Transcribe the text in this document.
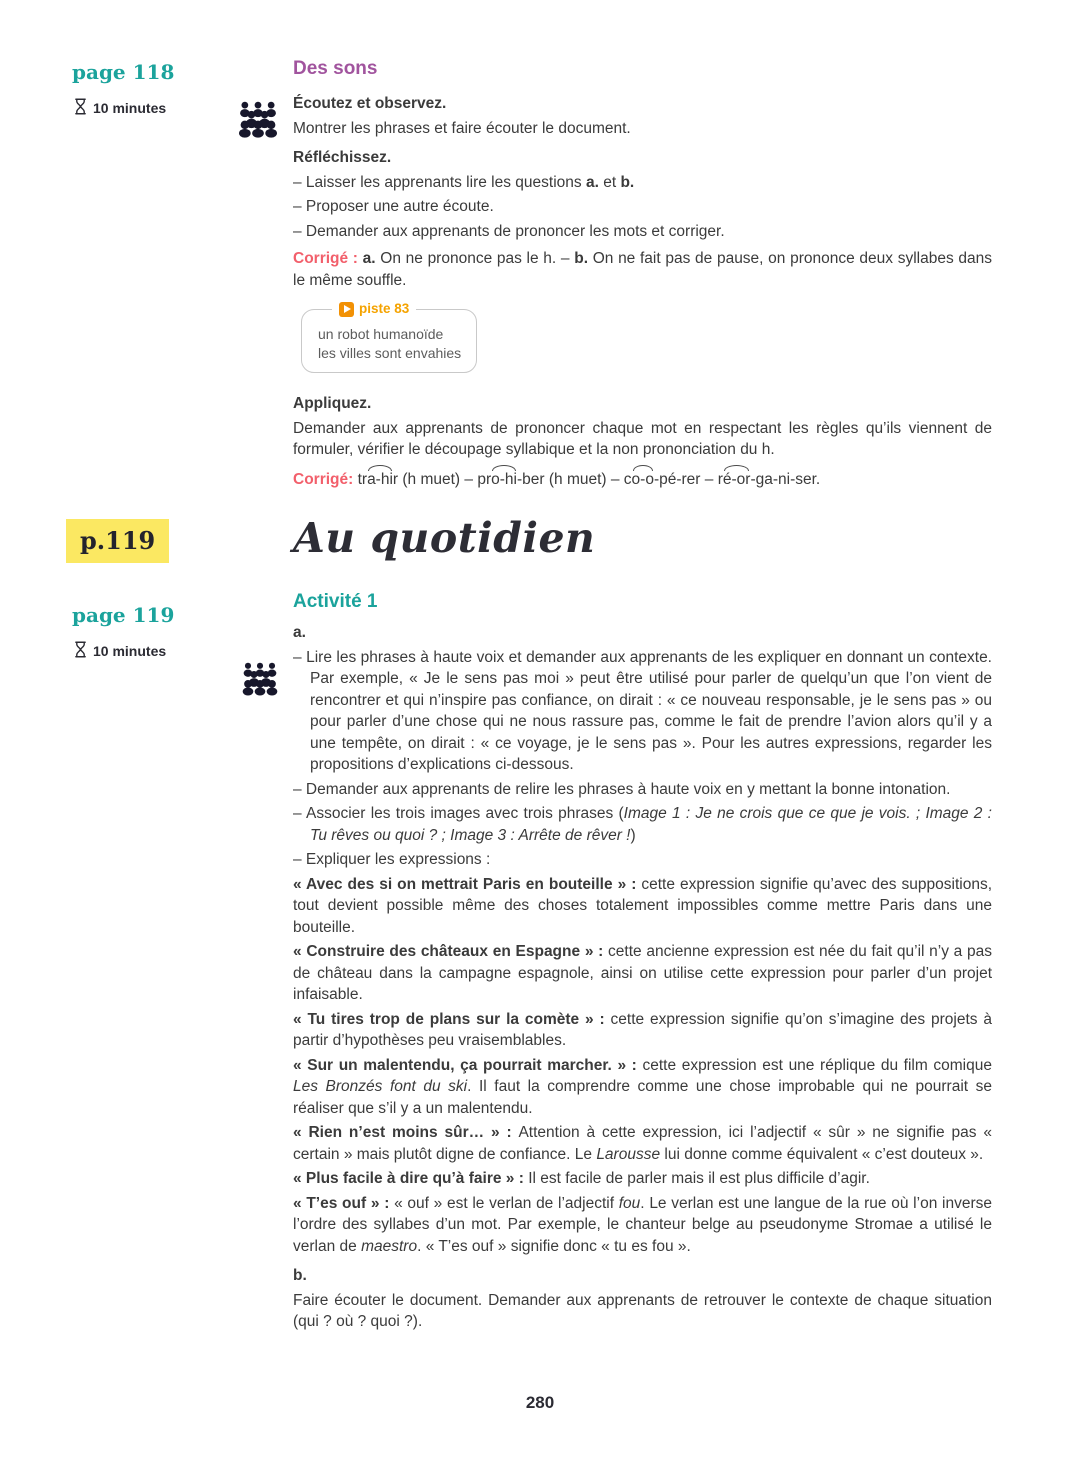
page 118
10 minutes
p.119
page 119
10 minutes
Des sons

Écoutez et observez.

Montrer les phrases et faire écouter le document.

Réfléchissez.

– Laisser les apprenants lire les questions a. et b.

– Proposer une autre écoute.

– Demander aux apprenants de prononcer les mots et corriger.

Corrigé : a. On ne prononce pas le h. – b. On ne fait pas de pause, on prononce deux syllabes dans le même souffle.

piste 83
un robot humanoïde
les villes sont envahies

Appliquez.

Demander aux apprenants de prononcer chaque mot en respectant les règles qu’ils viennent de formuler, vérifier le découpage syllabique et la non prononciation du h.

Corrigé: tra-hir (h muet) – pro-hi-ber (h muet) – co-o-pé-rer – ré-or-ga-ni-ser.

Au quotidien
Activité 1

a.

– Lire les phrases à haute voix et demander aux apprenants de les expliquer en donnant un contexte. Par exemple, « Je le sens pas moi » peut être utilisé pour parler de quelqu’un que l’on vient de rencontrer et qui n’inspire pas confiance, on dirait : « ce nouveau responsable, je le sens pas » ou pour parler d’une chose qui ne nous rassure pas, comme le fait de prendre l’avion alors qu’il y a une tempête, on dirait : « ce voyage, je le sens pas ». Pour les autres expressions, regarder les propositions d’explications ci-dessous.

– Demander aux apprenants de relire les phrases à haute voix en y mettant la bonne intonation.

– Associer les trois images avec trois phrases (Image 1 : Je ne crois que ce que je vois. ; Image 2 : Tu rêves ou quoi ? ; Image 3 : Arrête de rêver !)

– Expliquer les expressions :

« Avec des si on mettrait Paris en bouteille » : cette expression signifie qu’avec des suppositions, tout devient possible même des choses totalement impossibles comme mettre Paris dans une bouteille.

« Construire des châteaux en Espagne » : cette ancienne expression est née du fait qu’il n’y a pas de château dans la campagne espagnole, ainsi on utilise cette expression pour parler d’un projet infaisable.

« Tu tires trop de plans sur la comète » : cette expression signifie qu’on s’imagine des projets à partir d’hypothèses peu vraisemblables.

« Sur un malentendu, ça pourrait marcher. » : cette expression est une réplique du film comique Les Bronzés font du ski. Il faut la comprendre comme une chose improbable qui ne pourrait se réaliser que s’il y a un malentendu.

« Rien n’est moins sûr… » : Attention à cette expression, ici l’adjectif « sûr » ne signifie pas « certain » mais plutôt digne de confiance. Le Larousse lui donne comme équivalent « c’est douteux ».

« Plus facile à dire qu’à faire » : Il est facile de parler mais il est plus difficile d’agir.

« T’es ouf » : « ouf » est le verlan de l’adjectif fou. Le verlan est une langue de la rue où l’on inverse l’ordre des syllabes d’un mot. Par exemple, le chanteur belge au pseudonyme Stromae a utilisé le verlan de maestro. « T’es ouf » signifie donc « tu es fou ».

b.

Faire écouter le document. Demander aux apprenants de retrouver le contexte de chaque situation (qui ? où ? quoi ?).

280
